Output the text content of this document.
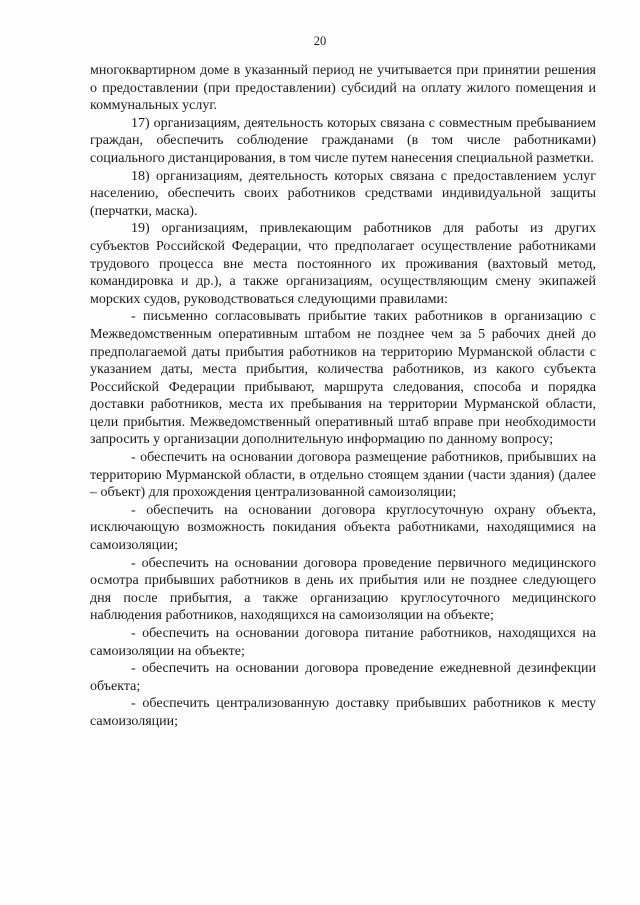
20

многоквартирном доме в указанный период не учитывается при принятии решения о предоставлении (при предоставлении) субсидий на оплату жилого помещения и коммунальных услуг.

17) организациям, деятельность которых связана с совместным пребыванием граждан, обеспечить соблюдение гражданами (в том числе работниками) социального дистанцирования, в том числе путем нанесения специальной разметки.

18) организациям, деятельность которых связана с предоставлением услуг населению, обеспечить своих работников средствами индивидуальной защиты (перчатки, маска).

19) организациям, привлекающим работников для работы из других субъектов Российской Федерации, что предполагает осуществление работниками трудового процесса вне места постоянного их проживания (вахтовый метод, командировка и др.), а также организациям, осуществляющим смену экипажей морских судов, руководствоваться следующими правилами:

- письменно согласовывать прибытие таких работников в организацию с Межведомственным оперативным штабом не позднее чем за 5 рабочих дней до предполагаемой даты прибытия работников на территорию Мурманской области с указанием даты, места прибытия, количества работников, из какого субъекта Российской Федерации прибывают, маршрута следования, способа и порядка доставки работников, места их пребывания на территории Мурманской области, цели прибытия. Межведомственный оперативный штаб вправе при необходимости запросить у организации дополнительную информацию по данному вопросу;

- обеспечить на основании договора размещение работников, прибывших на территорию Мурманской области, в отдельно стоящем здании (части здания) (далее – объект) для прохождения централизованной самоизоляции;

- обеспечить на основании договора круглосуточную охрану объекта, исключающую возможность покидания объекта работниками, находящимися на самоизоляции;

- обеспечить на основании договора проведение первичного медицинского осмотра прибывших работников в день их прибытия или не позднее следующего дня после прибытия, а также организацию круглосуточного медицинского наблюдения работников, находящихся на самоизоляции на объекте;

- обеспечить на основании договора питание работников, находящихся на самоизоляции на объекте;

- обеспечить на основании договора проведение ежедневной дезинфекции объекта;

- обеспечить централизованную доставку прибывших работников к месту самоизоляции;
